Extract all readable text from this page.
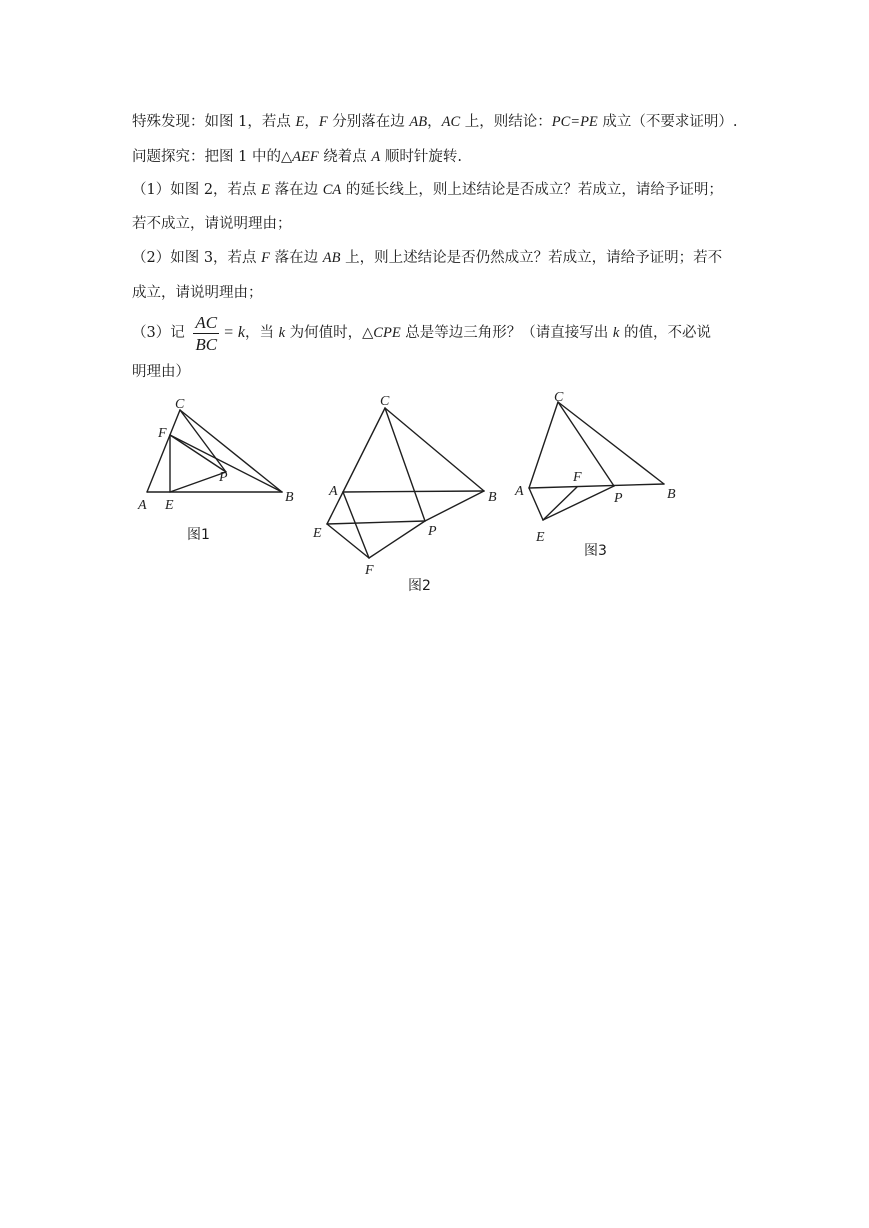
特殊发现：如图 1，若点 E，F 分别落在边 AB，AC 上，则结论：PC=PE 成立（不要求证明）.
问题探究：把图 1 中的△AEF 绕着点 A 顺时针旋转.
（1）如图 2，若点 E 落在边 CA 的延长线上，则上述结论是否成立？若成立，请给予证明；
若不成立，请说明理由；
（2）如图 3，若点 F 落在边 AB 上，则上述结论是否仍然成立？若成立，请给予证明；若不
成立，请说明理由；
（3）记 $\frac{AC}{BC} = k$，当 k 为何值时，△CPE 总是等边三角形？（请直接写出 k 的值，不必说
明理由）
C
F
P
A E
B
图1
C
A	B
E	P
F
图2
C
F
A	P	B
E
图3
